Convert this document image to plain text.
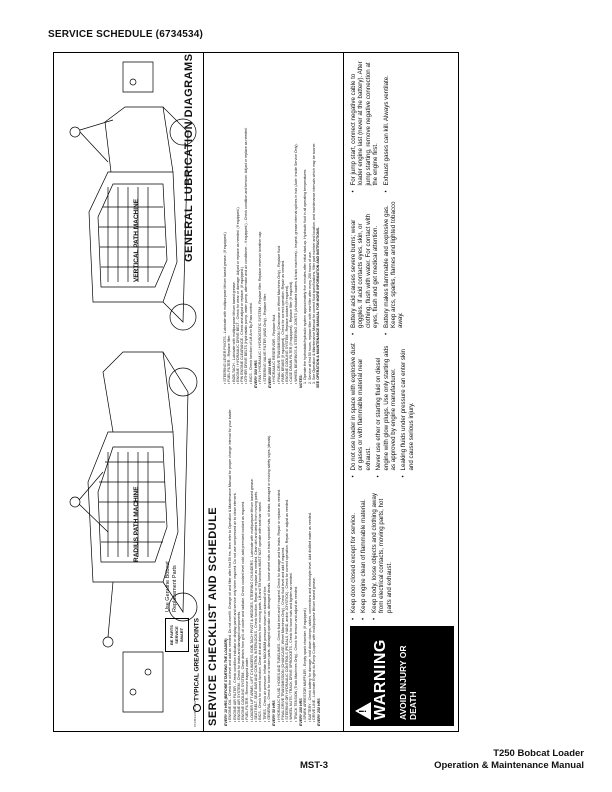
SERVICE SCHEDULE (6734534)
GENERAL LUBRICATION DIAGRAMS
RADIUS PATH MACHINE
VERTICAL PATH MACHINE
TYPICAL GREASE POINTS
BE PARTS SERVICE SMART
Use Genuine Bobcat Replacement Parts
6734534 REV 2001 SERVICE CHECKLIST AND SCHEDULE EVERY 10 HRS (BEFORE STARTING THE LOADER) • ENGINE OIL - Check the oil level and add as needed. Do not overfill. Change oil and filter after first 50 hrs, then refer to Operation & Maintenance Manual for proper change interval for your loader. • ENGINE AIR FILTER - Check condition indicator or display panel and service only when required. Do not use compressed air to clean element. • ENGINE AIR SYSTEM - Check for leaks and damaged components. • ENGINE COOLING SYSTEM - Clean debris from grill, oil cooler and radiator. Check coolant level cold; add premixed coolant as required. • FUEL FILTER - Remove trapped water. • LOADER LIFT ARMS, LIFT CYLINDERS, BOB-TACH PIVOT & WEDGES, STEERING CYLINDERS - Lubricate with multipurpose lithium based grease. • SEAT BELT, SEAT BAR AND CONTROL INTERLOCKS - Check function. Repair or replace as needed. Clean dirt and debris from moving parts. • BICS - Check for correct function. Clean dirt and debris from moving parts. Lift and Tilt functions MUST NOT operate with seat bar raised. • TIRES - Check air pressure. Inflate to MAXIMUM pressure shown on sidewall of tire. • GENERAL - Check for loose or broken parts, damaged operator cab, damaged decals, loose wheel nuts or track sprocket nuts, oil leaks, damaged or missing safety signs (decals). EVERY 50 HRS • HYDRAULIC FLUID, HOSES AND TUBELINES - Check fluid level and if required. Check for damage and for leaks. Repair or replace as needed. • FINAL DRIVE TRANSMISSION (CHAINCASE; Wheel Machines Only) - Check fluid level and add if required. • STEERING OR HYDRAULIC CONTROLS (PEDALS, HAND, and/or JOYSTICK) - Check for correct operation. Repair or adjust as needed. • WHEEL NUTS / TRACK DRIVE SPROCKETS - Check for loose nuts and tighten as needed. • TRACK TENSION (Track Machines Only) - Check for tension and adjust as needed. EVERY 100 HRS • SPARK ARRESTOR MUFFLER - Empty spark chamber. (If equipped.) • BATTERY - Check battery for damage, hold down clamps, cables, connections and electrolyte level. Add distilled water as needed. • DRIVE LINE - Lubricate Engine-to-Pump Coupler with multipurpose lithium based grease. EVERY 250 HRS
• STEERING LEVER PIVOTS - Lubricate with multipurpose lithium based grease. (If equipped.) • FUEL FILTER - Replace filter. • BOB-TACH - Lubricate with multipurpose lithium based grease. • ENGINE / HYDRAULIC DRIVE BELT - Check for wear or damage. Adjust or replace as needed. (If equipped.) • PIN ENGINE CLEARANCE - Check and adjust or replace. (If equipped.) • OTHER DRIVE BELTS (Hydrostatic pump, water pump, alternator and air conditioner - if equipped.) - Check condition and tension. Adjust or replace as needed. • BICS - Check function of Lift Arm By-Pass control. EVERY 500 HRS • FAN / HYDRAULIC / HYDROSTATIC SYSTEM - Replace filter. Replace reservoir breather cap. • STEERING VALVE FILTER (AWD Only) - Replace filter. EVERY 1000 HRS • HYDRAULIC RESERVOIR - Replace fluid. • FINAL DRIVE TRANSMISSION (Chaincase on Wheel Machines Only) - Replace fluid. • PARK BRAKE (If equipped) - Check for correct operation. Repair as needed. • ENGINE COOLING SYSTEM - Replace coolant (If required). • CASE DRAIN FILTER (If equipped) - Replace filter (If required). • WHEEL BEARINGS & STEERING JOINTS (Articulated loaders & track machines) - Inspect, grease internal splines in hub (Axle: Inside Service Only). NOTES: 1. Operate the hydrostatic/hydraulic system approximately five minutes after initial start-up. Hydraulic fluid in all operating temperatures. 2. Service at first 50 hours, replace filter with new filter after every 250 hours of use. 3. See Operation & Maintenance Manual for correct fluid specifications, filter part number and location, and maintenance intervals which may be sooner. SEE OPERATION & MAINTENANCE MANUAL FOR MORE INFORMATION AND INSTRUCTIONS.
! WARNING AVOID INJURY OR DEATH

• Keep door closed except for service. • Keep engine clean of flammable material. • Keep body, loose objects and clothing away from electrical contacts, moving parts, hot parts and exhaust.

• Do not use loader in space with explosive dust or gases or with flammable material near exhaust. • Never use ether or starting fluid on diesel engine with glow plugs. Use only starting aids as approved by engine manufacturer. • Leaking fluids under pressure can enter skin and cause serious injury.

• Battery acid causes severe burns; wear goggles. If acid contacts eyes, skin, or clothing, flush with water. For contact with eyes, flush and get medical attention. • Battery makes flammable and explosive gas. Keep arcs, sparks, flames and lighted tobacco away.

• For jump start, connect negative cable to loader engine last (never at the battery). After jump starting, remove negative connection at the engine first. • Exhaust gases can kill. Always ventilate.

MST-3
T250 Bobcat Loader
Operation & Maintenance Manual
